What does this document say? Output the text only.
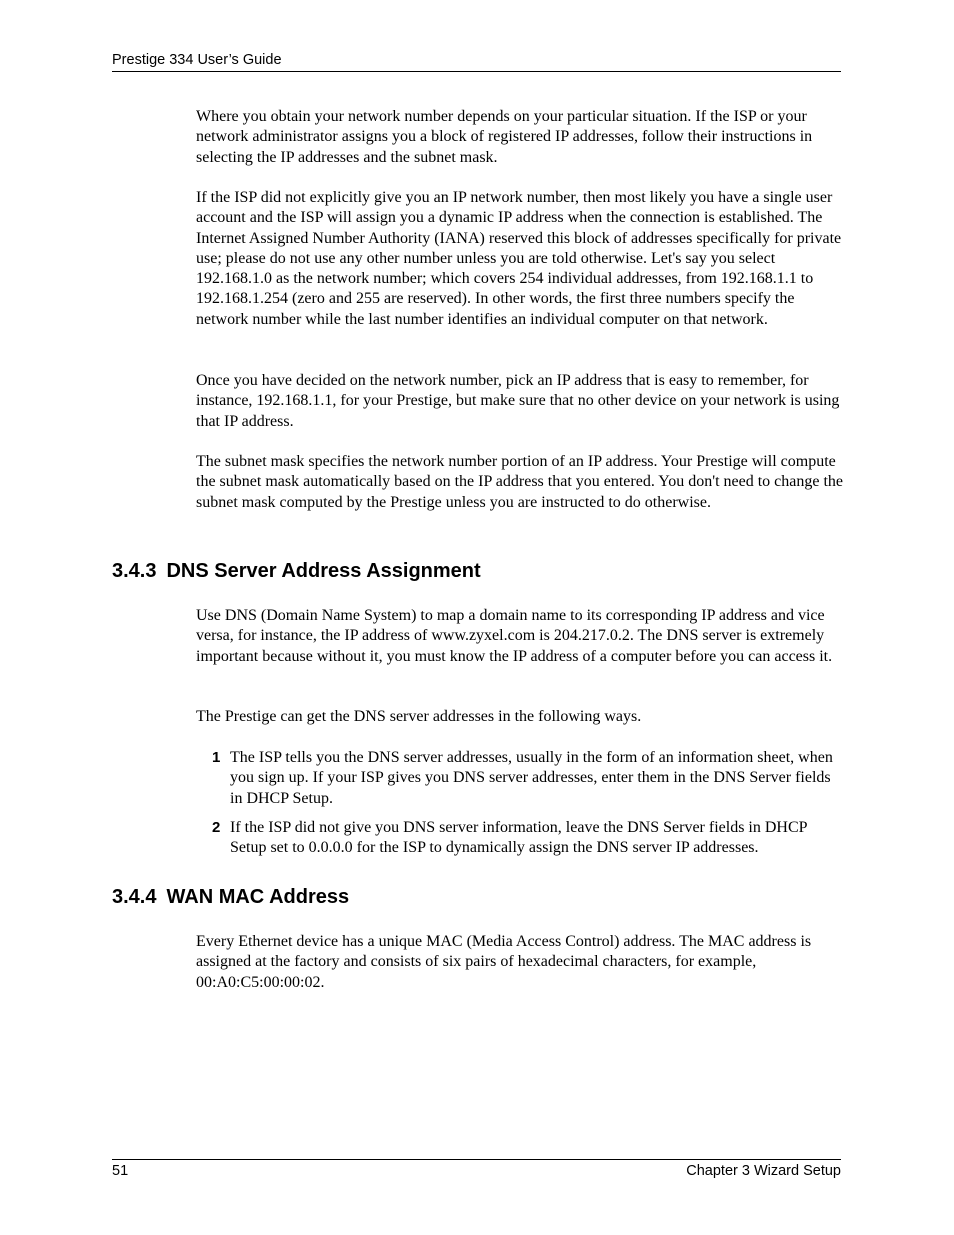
Prestige 334 User’s Guide

Where you obtain your network number depends on your particular situation. If the ISP or your network administrator assigns you a block of registered IP addresses, follow their instructions in selecting the IP addresses and the subnet mask.

If the ISP did not explicitly give you an IP network number, then most likely you have a single user account and the ISP will assign you a dynamic IP address when the connection is established. The Internet Assigned Number Authority (IANA) reserved this block of addresses specifically for private use; please do not use any other number unless you are told otherwise. Let's say you select 192.168.1.0 as the network number; which covers 254 individual addresses, from 192.168.1.1 to 192.168.1.254 (zero and 255 are reserved). In other words, the first three numbers specify the network number while the last number identifies an individual computer on that network.

Once you have decided on the network number, pick an IP address that is easy to remember, for instance, 192.168.1.1, for your Prestige, but make sure that no other device on your network is using that IP address.

The subnet mask specifies the network number portion of an IP address. Your Prestige will compute the subnet mask automatically based on the IP address that you entered. You don't need to change the subnet mask computed by the Prestige unless you are instructed to do otherwise.

3.4.3 DNS Server Address Assignment

Use DNS (Domain Name System) to map a domain name to its corresponding IP address and vice versa, for instance, the IP address of www.zyxel.com is 204.217.0.2. The DNS server is extremely important because without it, you must know the IP address of a computer before you can access it.

The Prestige can get the DNS server addresses in the following ways.

1 The ISP tells you the DNS server addresses, usually in the form of an information sheet, when you sign up. If your ISP gives you DNS server addresses, enter them in the DNS Server fields in DHCP Setup.

2 If the ISP did not give you DNS server information, leave the DNS Server fields in DHCP Setup set to 0.0.0.0 for the ISP to dynamically assign the DNS server IP addresses.

3.4.4 WAN MAC Address

Every Ethernet device has a unique MAC (Media Access Control) address. The MAC address is assigned at the factory and consists of six pairs of hexadecimal characters, for example, 00:A0:C5:00:00:02.

51	Chapter 3 Wizard Setup
